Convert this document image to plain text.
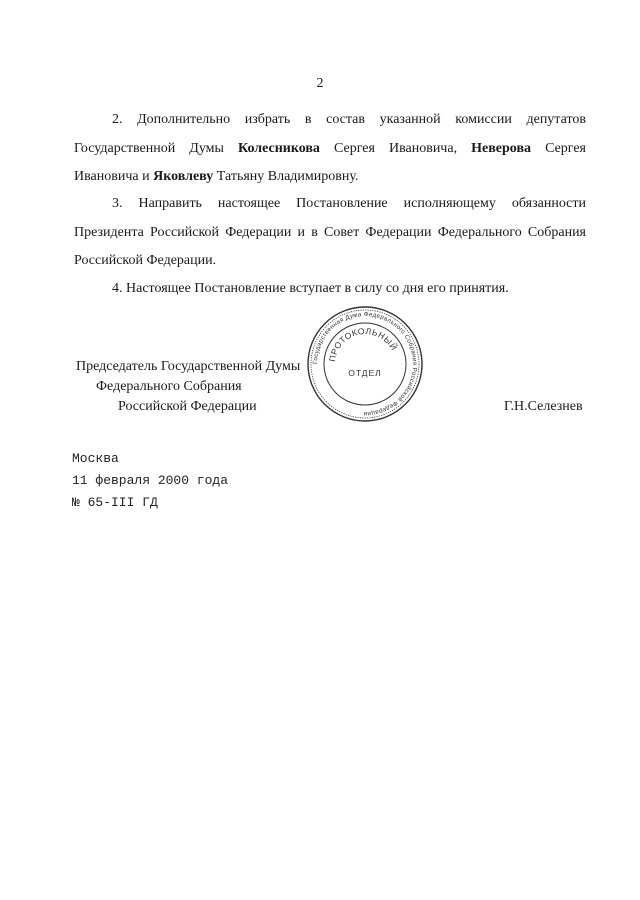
2
2. Дополнительно избрать в состав указанной комиссии депутатов Государственной Думы Колесникова Сергея Ивановича, Неверова Сергея Ивановича и Яковлеву Татьяну Владимировну.
3. Направить настоящее Постановление исполняющему обязанности Президента Российской Федерации и в Совет Федерации Федерального Собрания Российской Федерации.
4. Настоящее Постановление вступает в силу со дня его принятия.
Председатель Государственной Думы
Федерального Собрания
Российской Федерации	Г.Н.Селезнев
Государственная Дума Федерального Собрания Российской Федерации
ПРОТОКОЛЬНЫЙ
ОТДЕЛ
Москва
11 февраля 2000 года
№ 65-III ГД
